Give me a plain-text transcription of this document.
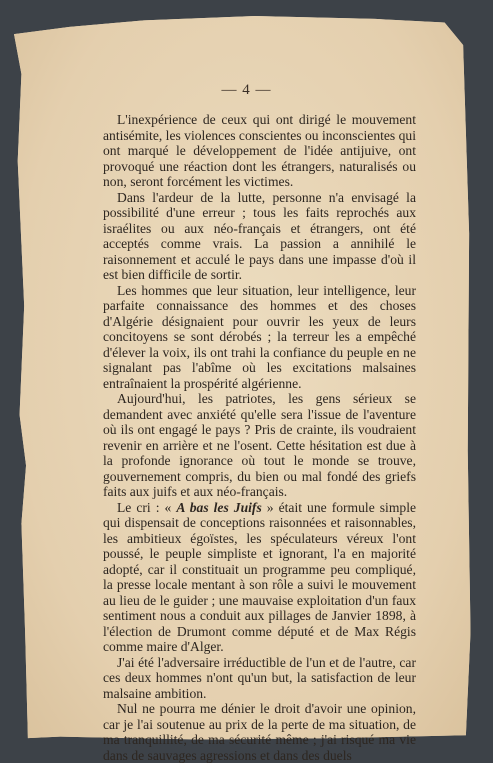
— 4 —

L'inexpérience de ceux qui ont dirigé le mouvement antisémite, les violences conscientes ou inconscientes qui ont marqué le développement de l'idée antijuive, ont provoqué une réaction dont les étrangers, naturalisés ou non, seront forcément les victimes.

Dans l'ardeur de la lutte, personne n'a envisagé la possibilité d'une erreur ; tous les faits reprochés aux israélites ou aux néo-français et étrangers, ont été acceptés comme vrais. La passion a annihilé le raisonnement et acculé le pays dans une impasse d'où il est bien difficile de sortir.

Les hommes que leur situation, leur intelligence, leur parfaite connaissance des hommes et des choses d'Algérie désignaient pour ouvrir les yeux de leurs concitoyens se sont dérobés ; la terreur les a empêché d'élever la voix, ils ont trahi la confiance du peuple en ne signalant pas l'abîme où les excitations malsaines entraînaient la prospérité algérienne.

Aujourd'hui, les patriotes, les gens sérieux se demandent avec anxiété qu'elle sera l'issue de l'aventure où ils ont engagé le pays ? Pris de crainte, ils voudraient revenir en arrière et ne l'osent. Cette hésitation est due à la profonde ignorance où tout le monde se trouve, gouvernement compris, du bien ou mal fondé des griefs faits aux juifs et aux néo-français.

Le cri : « A bas les Juifs » était une formule simple qui dispensait de conceptions raisonnées et raisonnables, les ambitieux égoïstes, les spéculateurs véreux l'ont poussé, le peuple simpliste et ignorant, l'a en majorité adopté, car il constituait un programme peu compliqué, la presse locale mentant à son rôle a suivi le mouvement au lieu de le guider ; une mauvaise exploitation d'un faux sentiment nous a conduit aux pillages de Janvier 1898, à l'élection de Drumont comme député et de Max Régis comme maire d'Alger.

J'ai été l'adversaire irréductible de l'un et de l'autre, car ces deux hommes n'ont qu'un but, la satisfaction de leur malsaine ambition.

Nul ne pourra me dénier le droit d'avoir une opinion, car je l'ai soutenue au prix de la perte de ma situation, de ma tranquillité, de ma sécurité même ; j'ai risqué ma vie dans de sauvages agressions et dans des duels
